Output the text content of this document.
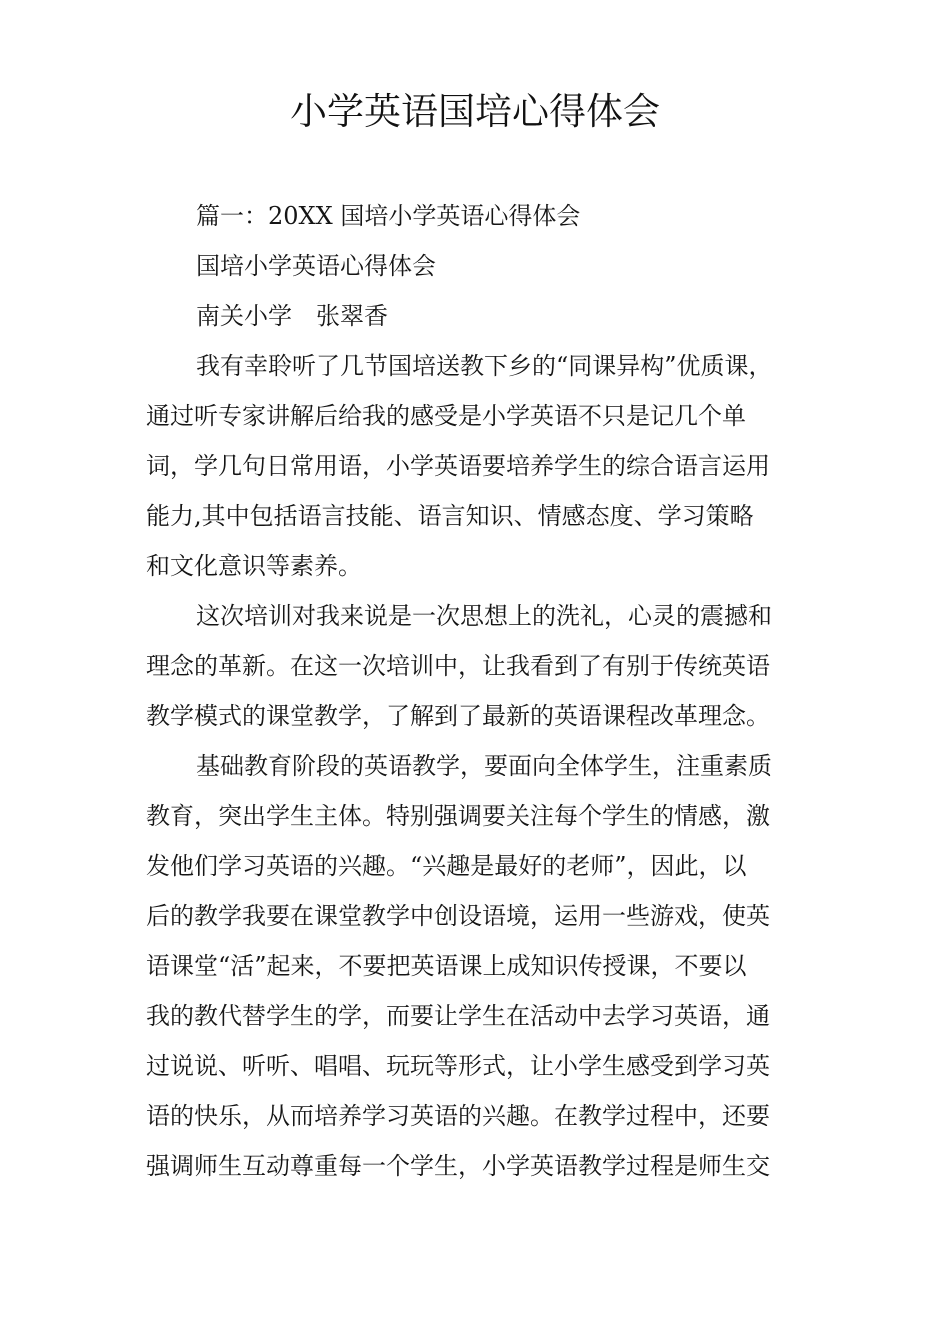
小学英语国培心得体会
篇一：20XX 国培小学英语心得体会
国培小学英语心得体会
南关小学　张翠香
我有幸聆听了几节国培送教下乡的“同课异构”优质课，
通过听专家讲解后给我的感受是小学英语不只是记几个单
词，学几句日常用语，小学英语要培养学生的综合语言运用
能力,其中包括语言技能、语言知识、情感态度、学习策略
和文化意识等素养。
这次培训对我来说是一次思想上的洗礼，心灵的震撼和
理念的革新。在这一次培训中，让我看到了有别于传统英语
教学模式的课堂教学，了解到了最新的英语课程改革理念。
基础教育阶段的英语教学，要面向全体学生，注重素质
教育，突出学生主体。特别强调要关注每个学生的情感，激
发他们学习英语的兴趣。“兴趣是最好的老师”，因此，以
后的教学我要在课堂教学中创设语境，运用一些游戏，使英
语课堂“活”起来，不要把英语课上成知识传授课，不要以
我的教代替学生的学，而要让学生在活动中去学习英语，通
过说说、听听、唱唱、玩玩等形式，让小学生感受到学习英
语的快乐，从而培养学习英语的兴趣。在教学过程中，还要
强调师生互动尊重每一个学生，小学英语教学过程是师生交
